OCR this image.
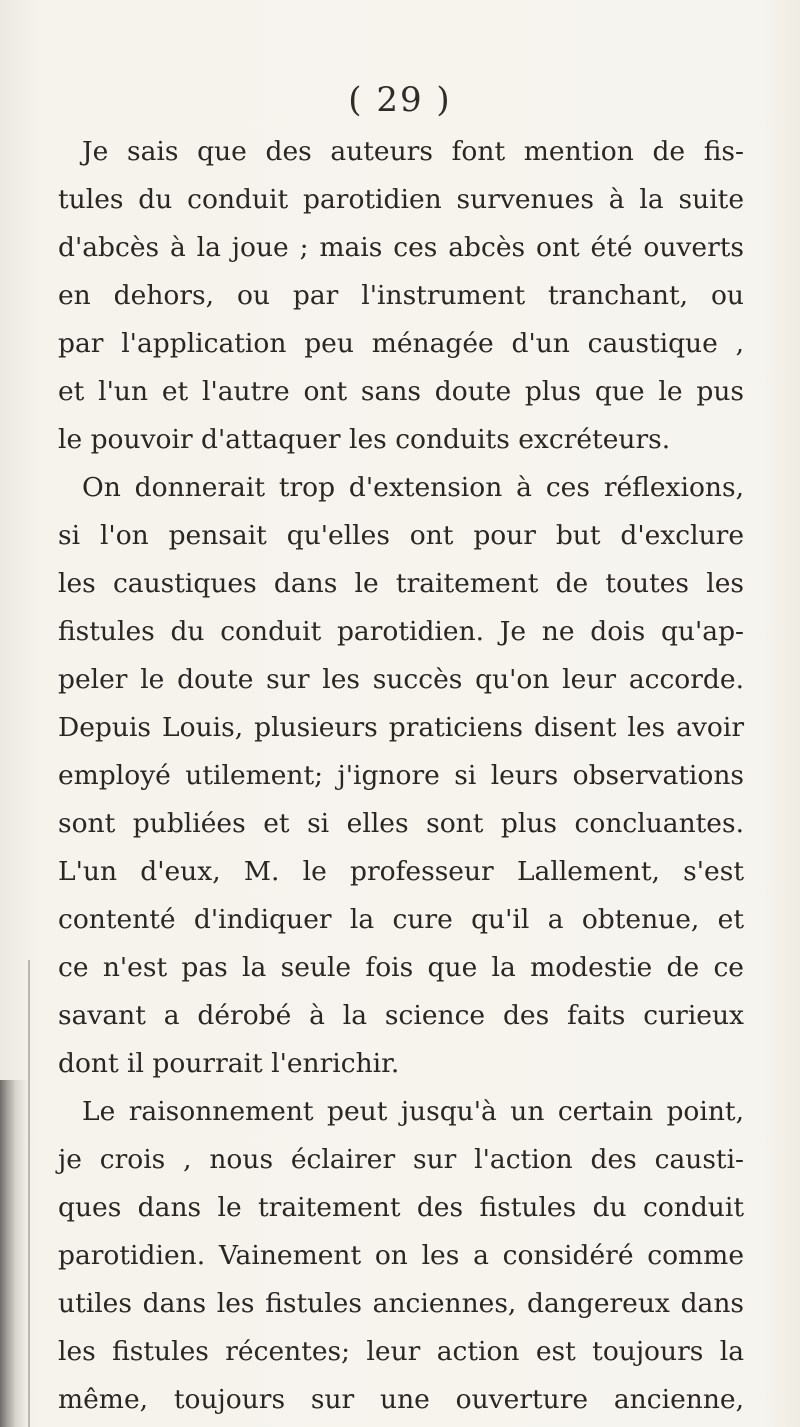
( 29 )
Je sais que des auteurs font mention de fis-
tules du conduit parotidien survenues à la suite
d'abcès à la joue ; mais ces abcès ont été ouverts
en dehors, ou par l'instrument tranchant, ou
par l'application peu ménagée d'un caustique ,
et l'un et l'autre ont sans doute plus que le pus
le pouvoir d'attaquer les conduits excréteurs.
On donnerait trop d'extension à ces réflexions,
si l'on pensait qu'elles ont pour but d'exclure
les caustiques dans le traitement de toutes les
fistules du conduit parotidien. Je ne dois qu'ap-
peler le doute sur les succès qu'on leur accorde.
Depuis Louis, plusieurs praticiens disent les avoir
employé utilement; j'ignore si leurs observations
sont publiées et si elles sont plus concluantes.
L'un d'eux, M. le professeur Lallement, s'est
contenté d'indiquer la cure qu'il a obtenue, et
ce n'est pas la seule fois que la modestie de ce
savant a dérobé à la science des faits curieux
dont il pourrait l'enrichir.
Le raisonnement peut jusqu'à un certain point,
je crois , nous éclairer sur l'action des causti-
ques dans le traitement des fistules du conduit
parotidien. Vainement on les a considéré comme
utiles dans les fistules anciennes, dangereux dans
les fistules récentes; leur action est toujours la
même, toujours sur une ouverture ancienne,
